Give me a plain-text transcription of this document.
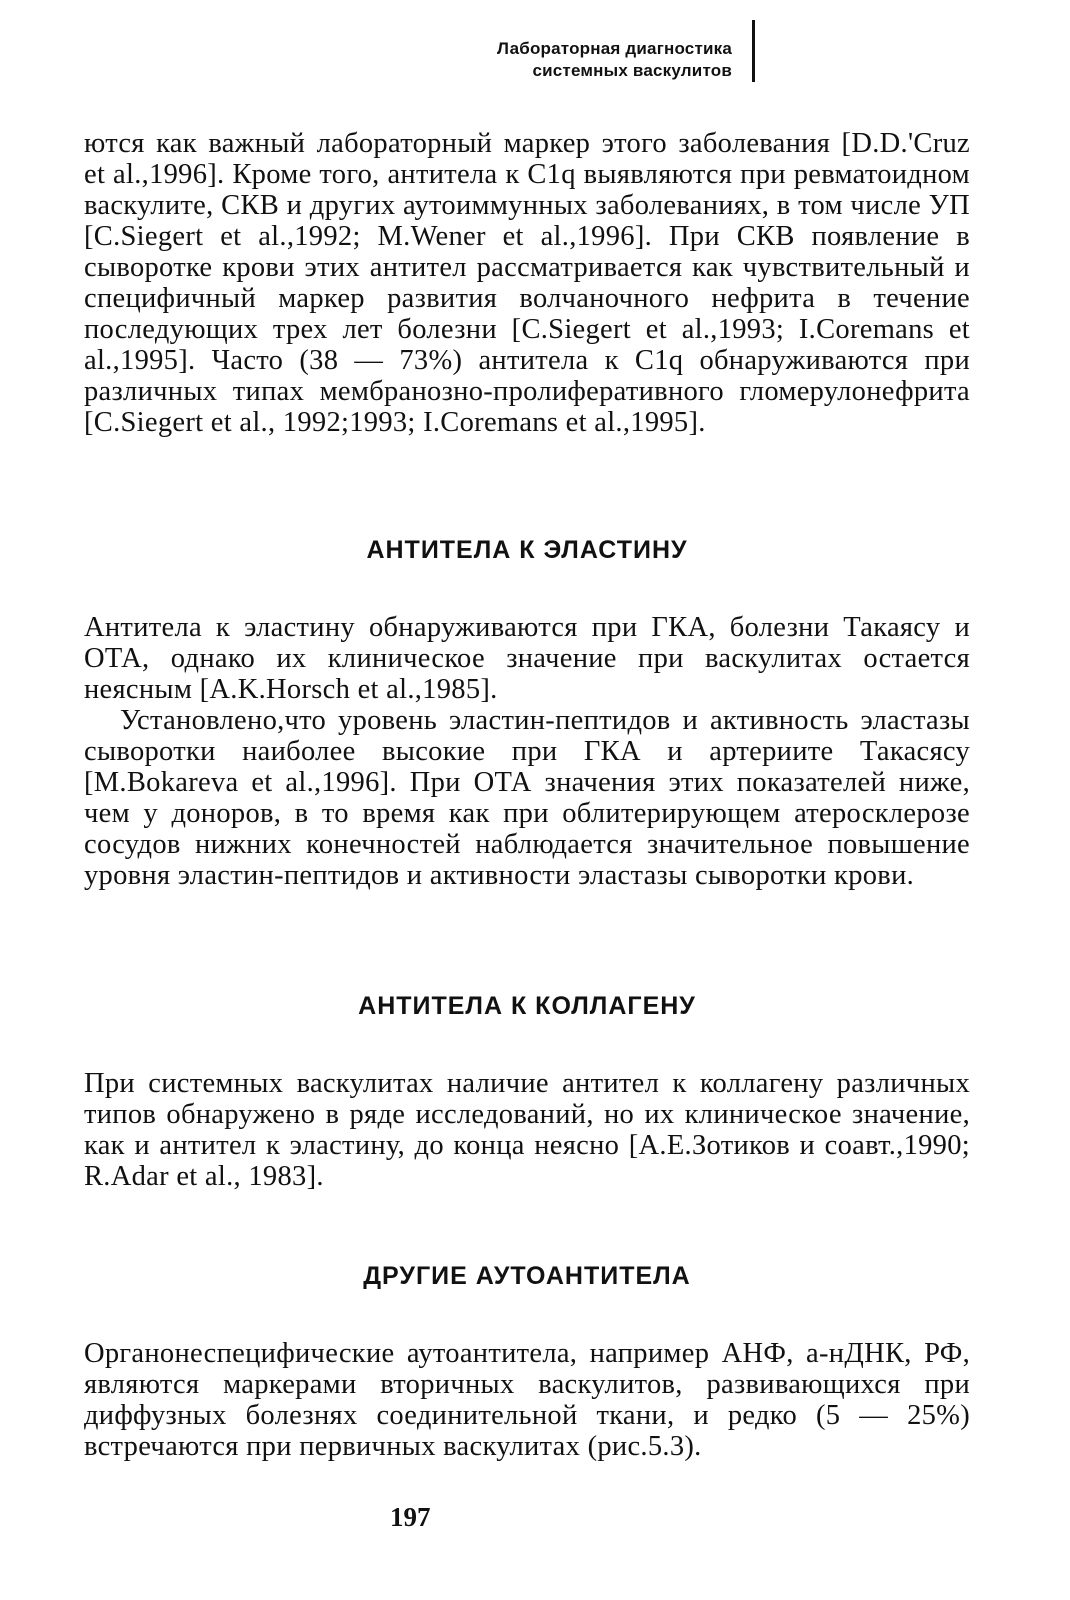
Лабораторная диагностика
системных васкулитов

ются как важный лабораторный маркер этого заболевания [D.D.'Cruz et al.,1996]. Кроме того, антитела к С1q выявляются при ревматоидном васкулите, СКВ и других аутоиммунных заболеваниях, в том числе УП [C.Siegert et al.,1992; M.Wener et al.,1996]. При СКВ появление в сыворотке крови этих антител рассматривается как чувствительный и специфичный маркер развития волчаночного нефрита в течение последующих трех лет болезни [C.Siegert et al.,1993; I.Coremans et al.,1995]. Часто (38 — 73%) антитела к С1q обнаруживаются при различных типах мембранозно-пролиферативного гломерулонефрита [C.Siegert et al., 1992;1993; I.Coremans et al.,1995].

АНТИТЕЛА К ЭЛАСТИНУ

Антитела к эластину обнаруживаются при ГКА, болезни Такаясу и ОТА, однако их клиническое значение при васкулитах остается неясным [A.K.Horsch et al.,1985].

Установлено,что уровень эластин-пептидов и активность эластазы сыворотки наиболее высокие при ГКА и артериите Такасясу [M.Bokareva et al.,1996]. При ОТА значения этих показателей ниже, чем у доноров, в то время как при облитерирующем атеросклерозе сосудов нижних конечностей наблюдается значительное повышение уровня эластин-пептидов и активности эластазы сыворотки крови.

АНТИТЕЛА К КОЛЛАГЕНУ

При системных васкулитах наличие антител к коллагену различных типов обнаружено в ряде исследований, но их клиническое значение, как и антител к эластину, до конца неясно [А.Е.Зотиков и соавт.,1990; R.Adar et al., 1983].

ДРУГИЕ АУТОАНТИТЕЛА

Органонеспецифические аутоантитела, например АНФ, а-нДНК, РФ, являются маркерами вторичных васкулитов, развивающихся при диффузных болезнях соединительной ткани, и редко (5 — 25%) встречаются при первичных васкулитах (рис.5.3).

197
